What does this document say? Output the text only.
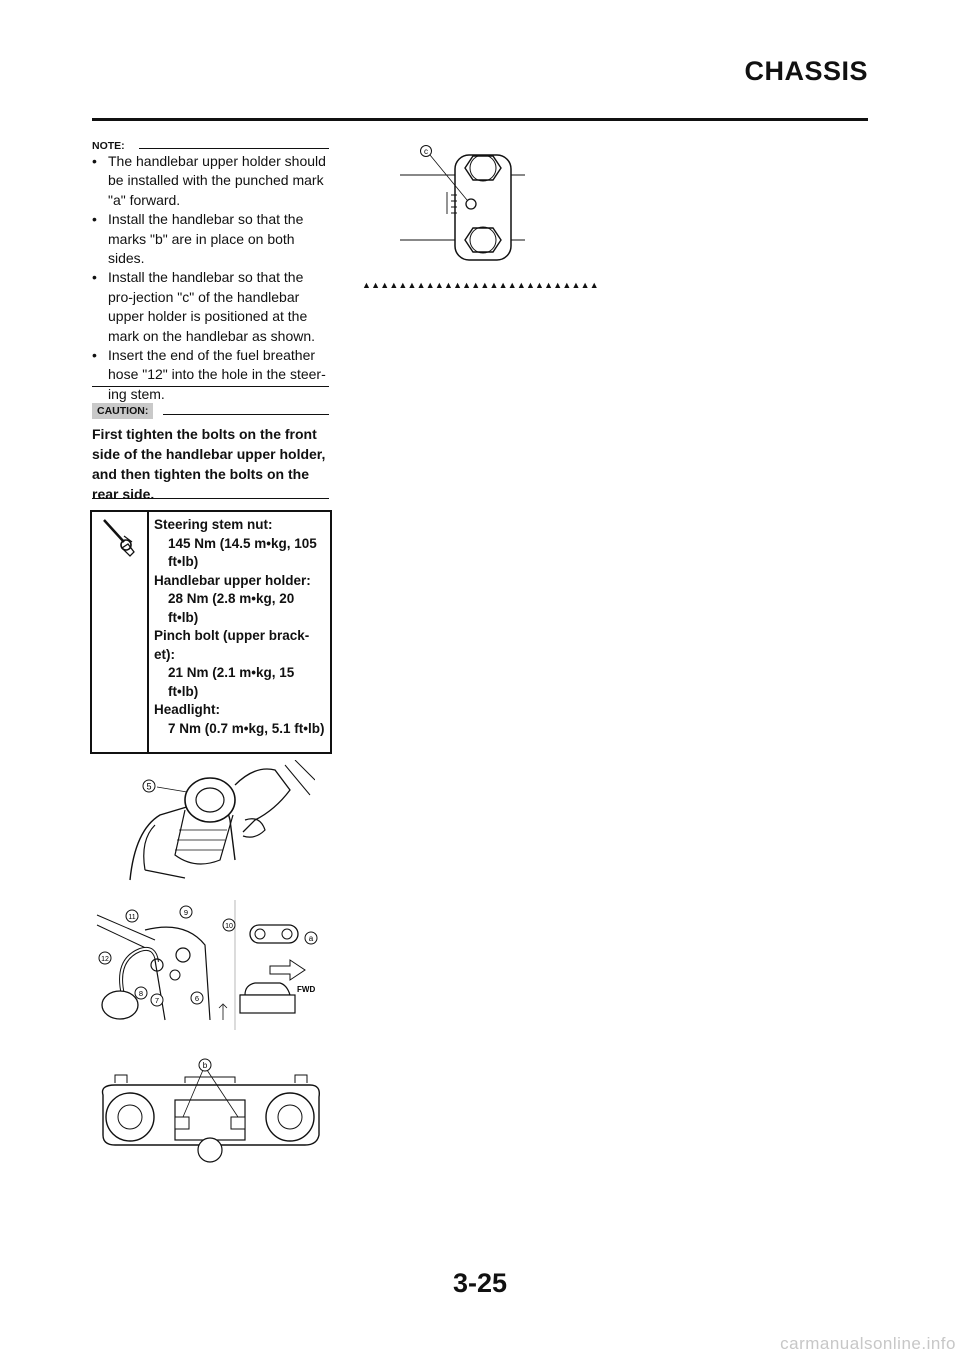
CHASSIS
NOTE:
• The handlebar upper holder should be installed with the punched mark "a" forward.
• Install the handlebar so that the marks "b" are in place on both sides.
• Install the handlebar so that the pro-jection "c" of the handlebar upper holder is positioned at the mark on the handlebar as shown.
• Insert the end of the fuel breather hose "12" into the hole in the steer-ing stem.
CAUTION:
First tighten the bolts on the front side of the handlebar upper holder, and then tighten the bolts on the rear side.
Steering stem nut:
145 Nm (14.5 m•kg, 105 ft•lb)
Handlebar upper holder:
28 Nm (2.8 m•kg, 20 ft•lb)
Pinch bolt (upper brack-et):
21 Nm (2.1 m•kg, 15 ft•lb)
Headlight:
7 Nm (0.7 m•kg, 5.1 ft•lb)
c
▲▲▲▲▲▲▲▲▲▲▲▲▲▲▲▲▲▲▲▲▲▲▲▲▲▲
5
FWD
11
9
10
a
12
8
7	6
b
3-25
carmanualsonline.info
